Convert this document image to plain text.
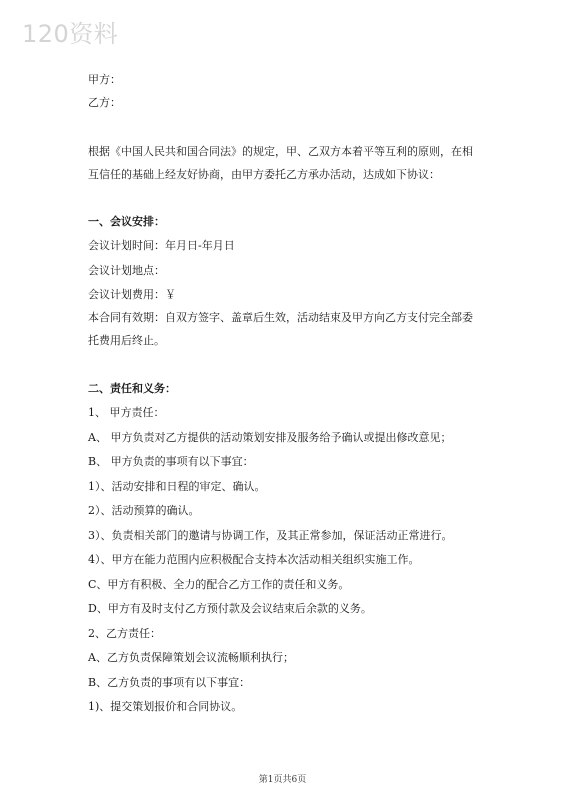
120资料
甲方：
乙方：
根据《中国人民共和国合同法》的规定，甲、乙双方本着平等互利的原则，在相互信任的基础上经友好协商，由甲方委托乙方承办活动，达成如下协议：
一、会议安排：
会议计划时间：年月日-年月日
会议计划地点：
会议计划费用：￥
本合同有效期：自双方签字、盖章后生效，活动结束及甲方向乙方支付完全部委托费用后终止。
二、责任和义务：
1、 甲方责任：
A、 甲方负责对乙方提供的活动策划安排及服务给予确认或提出修改意见；
B、 甲方负责的事项有以下事宜：
1）、活动安排和日程的审定、确认。
2）、活动预算的确认。
3）、负责相关部门的邀请与协调工作，及其正常参加，保证活动正常进行。
4）、甲方在能力范围内应积极配合支持本次活动相关组织实施工作。
C、甲方有积极、全力的配合乙方工作的责任和义务。
D、甲方有及时支付乙方预付款及会议结束后余款的义务。
2、乙方责任：
A、乙方负责保障策划会议流畅顺利执行；
B、乙方负责的事项有以下事宜：
1)、提交策划报价和合同协议。
第1页共6页
